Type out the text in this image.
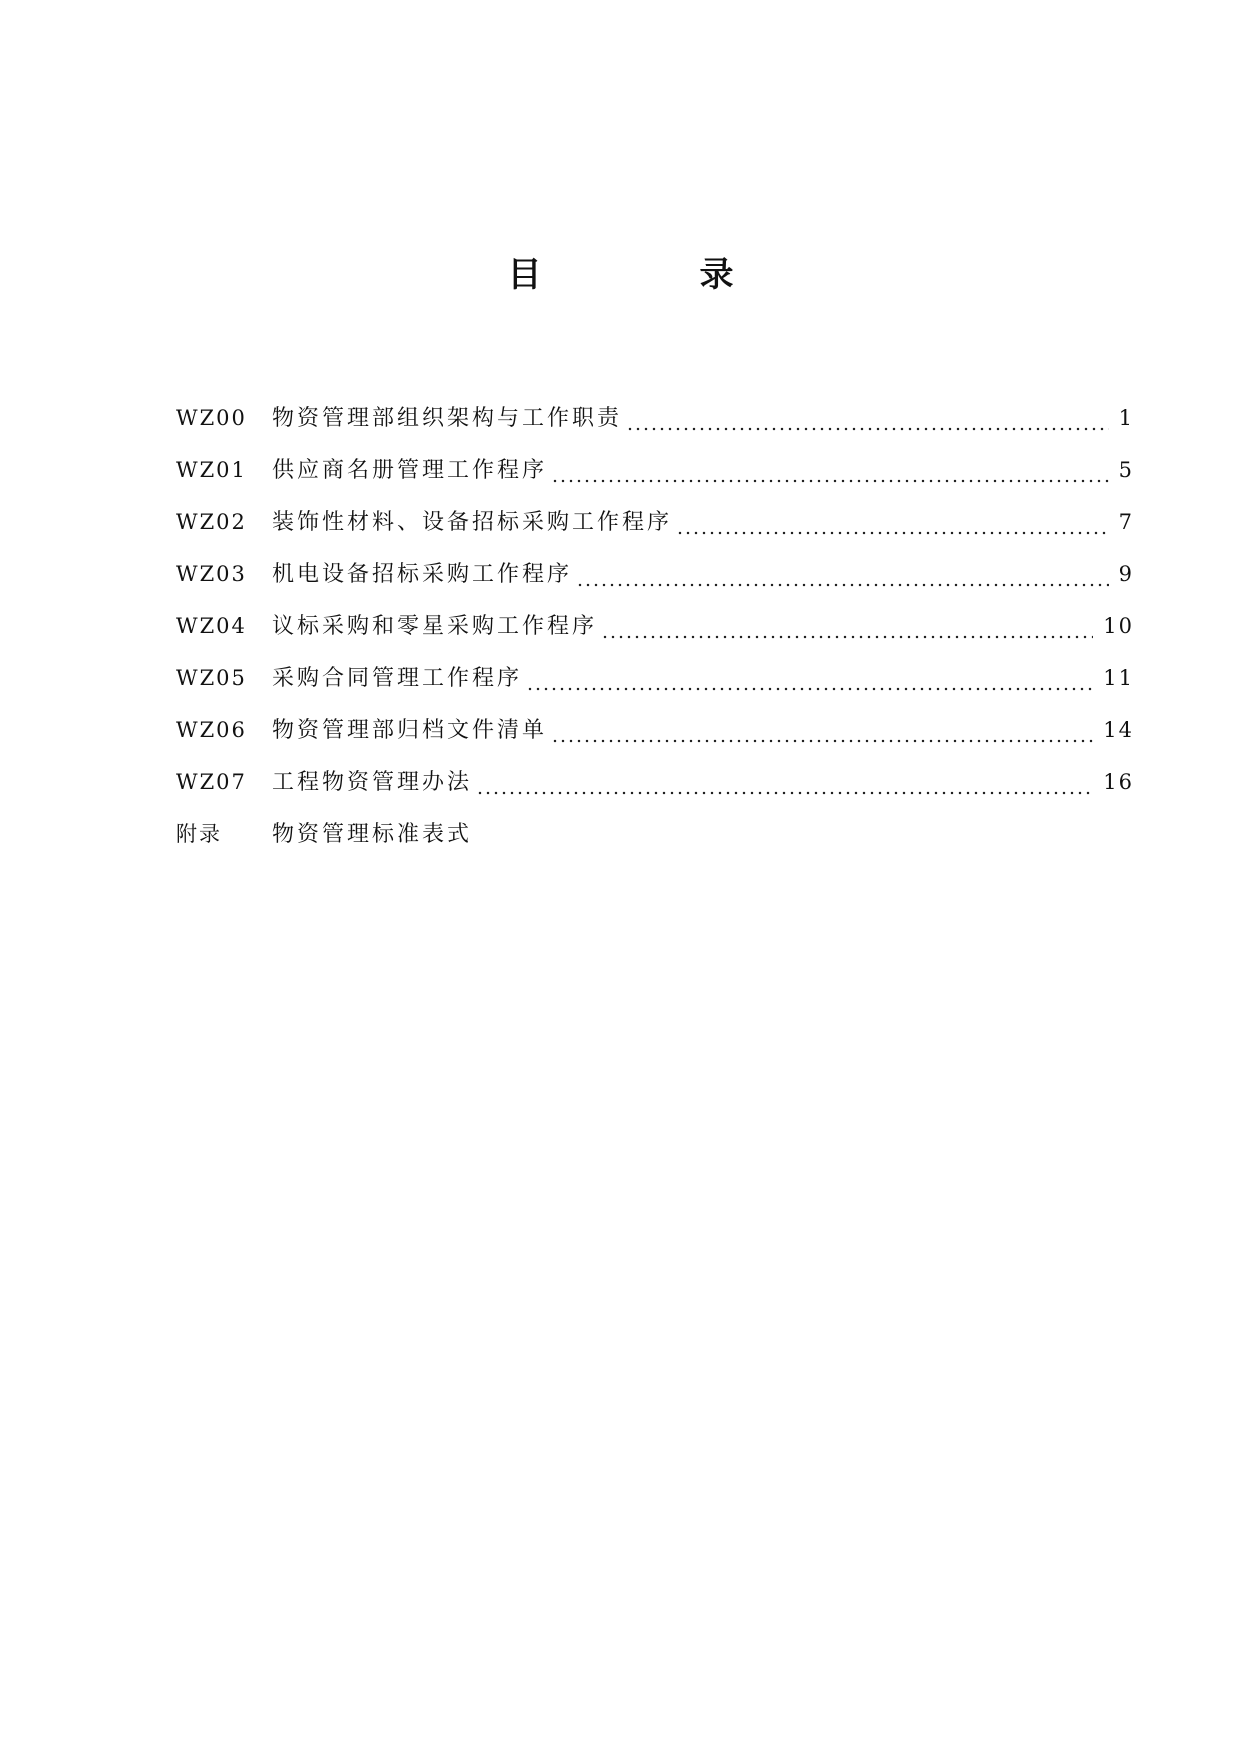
目　录
WZ00	物资管理部组织架构与工作职责	1
WZ01	供应商名册管理工作程序	5
WZ02	装饰性材料、设备招标采购工作程序	7
WZ03	机电设备招标采购工作程序	9
WZ04	议标采购和零星采购工作程序	10
WZ05	采购合同管理工作程序	11
WZ06	物资管理部归档文件清单	14
WZ07	工程物资管理办法	16
附录	物资管理标准表式
